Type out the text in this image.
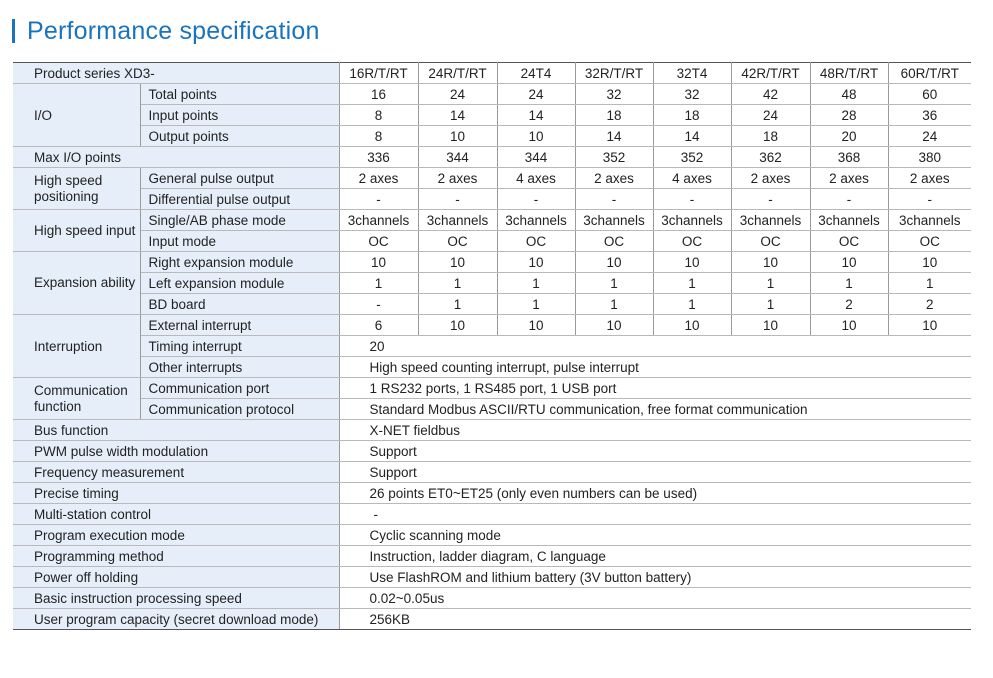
Performance specification
Product series XD3-		16R/T/RT	24R/T/RT	24T4	32R/T/RT	32T4	42R/T/RT	48R/T/RT	60R/T/RT
I/O	Total points	16	24	24	32	32	42	48	60
	Input points	8	14	14	18	18	24	28	36
	Output points	8	10	10	14	14	18	20	24
Max I/O points		336	344	344	352	352	362	368	380
High speed positioning	General pulse output	2 axes	2 axes	4 axes	2 axes	4 axes	2 axes	2 axes	2 axes
	Differential pulse output	-	-	-	-	-	-	-	-
High speed input	Single/AB phase mode	3channels	3channels	3channels	3channels	3channels	3channels	3channels	3channels
	Input mode	OC	OC	OC	OC	OC	OC	OC	OC
Expansion ability	Right expansion module	10	10	10	10	10	10	10	10
	Left expansion module	1	1	1	1	1	1	1	1
	BD board	-	1	1	1	1	1	2	2
Interruption	External interrupt	6	10	10	10	10	10	10	10
	Timing interrupt	20							
	Other interrupts	High speed counting interrupt, pulse interrupt							
Communication function	Communication port	1 RS232 ports, 1 RS485 port, 1 USB port							
	Communication protocol	Standard Modbus ASCII/RTU communication, free format communication							
Bus function		X-NET fieldbus							
PWM pulse width modulation		Support							
Frequency measurement		Support							
Precise timing		26 points ET0~ET25 (only even numbers can be used)							
Multi-station control		-							
Program execution mode		Cyclic scanning mode							
Programming method		Instruction, ladder diagram, C language							
Power off holding		Use FlashROM and lithium battery (3V button battery)							
Basic instruction processing speed		0.02~0.05us							
User program capacity (secret download mode)		256KB							
